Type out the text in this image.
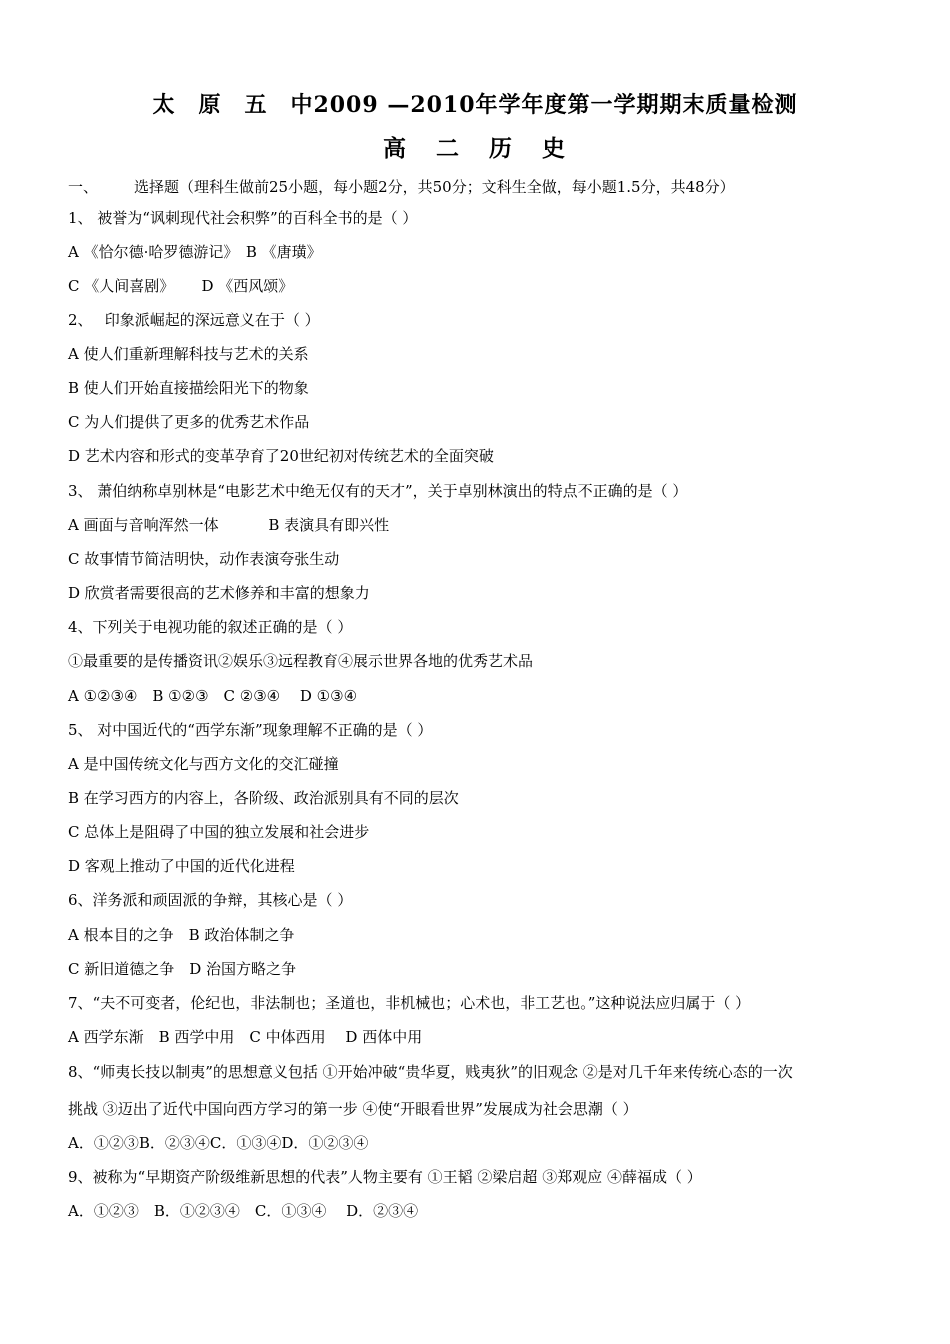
太　原　五　中2009 —2010年学年度第一学期期末质量检测
高 二 历 史
一、 选择题（理科生做前25小题，每小题2分，共50分；文科生全做，每小题1.5分，共48分）
1、 被誉为“讽刺现代社会积弊”的百科全书的是（ ）
A 《恰尔德·哈罗德游记》　B 《唐璜》
C 《人间喜剧》　　 D 《西风颂》
2、　 印象派崛起的深远意义在于（ ）
A 使人们重新理解科技与艺术的关系
B 使人们开始直接描绘阳光下的物象
C 为人们提供了更多的优秀艺术作品
D 艺术内容和形式的变革孕育了20世纪初对传统艺术的全面突破
3、 萧伯纳称卓别林是“电影艺术中绝无仅有的天才”，关于卓别林演出的特点不正确的是（ ）
A 画面与音响浑然一体　　　 B 表演具有即兴性
C 故事情节简洁明快，动作表演夸张生动
D 欣赏者需要很高的艺术修养和丰富的想象力
4、下列关于电视功能的叙述正确的是（ ）
①最重要的是传播资讯②娱乐③远程教育④展示世界各地的优秀艺术品
A ①②③④　B ①②③　C ②③④　 D ①③④
5、 对中国近代的“西学东渐”现象理解不正确的是（ ）
A 是中国传统文化与西方文化的交汇碰撞
B 在学习西方的内容上，各阶级、政治派别具有不同的层次
C 总体上是阻碍了中国的独立发展和社会进步
D 客观上推动了中国的近代化进程
6、洋务派和顽固派的争辩，其核心是（ ）
A 根本目的之争　B 政治体制之争
C 新旧道德之争　D 治国方略之争
7、“夫不可变者，伦纪也，非法制也；圣道也，非机械也；心术也，非工艺也。”这种说法应归属于（ ）
A 西学东渐　B 西学中用　C 中体西用　 D 西体中用
8、“师夷长技以制夷”的思想意义包括 ①开始冲破“贵华夏，贱夷狄”的旧观念 ②是对几千年来传统心态的一次
挑战 ③迈出了近代中国向西方学习的第一步 ④使“开眼看世界”发展成为社会思潮（ ）
A．①②③B．②③④C．①③④D．①②③④
9、被称为“早期资产阶级维新思想的代表”人物主要有 ①王韬 ②梁启超 ③郑观应 ④薛福成（ ）
A．①②③　B．①②③④　C．①③④　 D．②③④
